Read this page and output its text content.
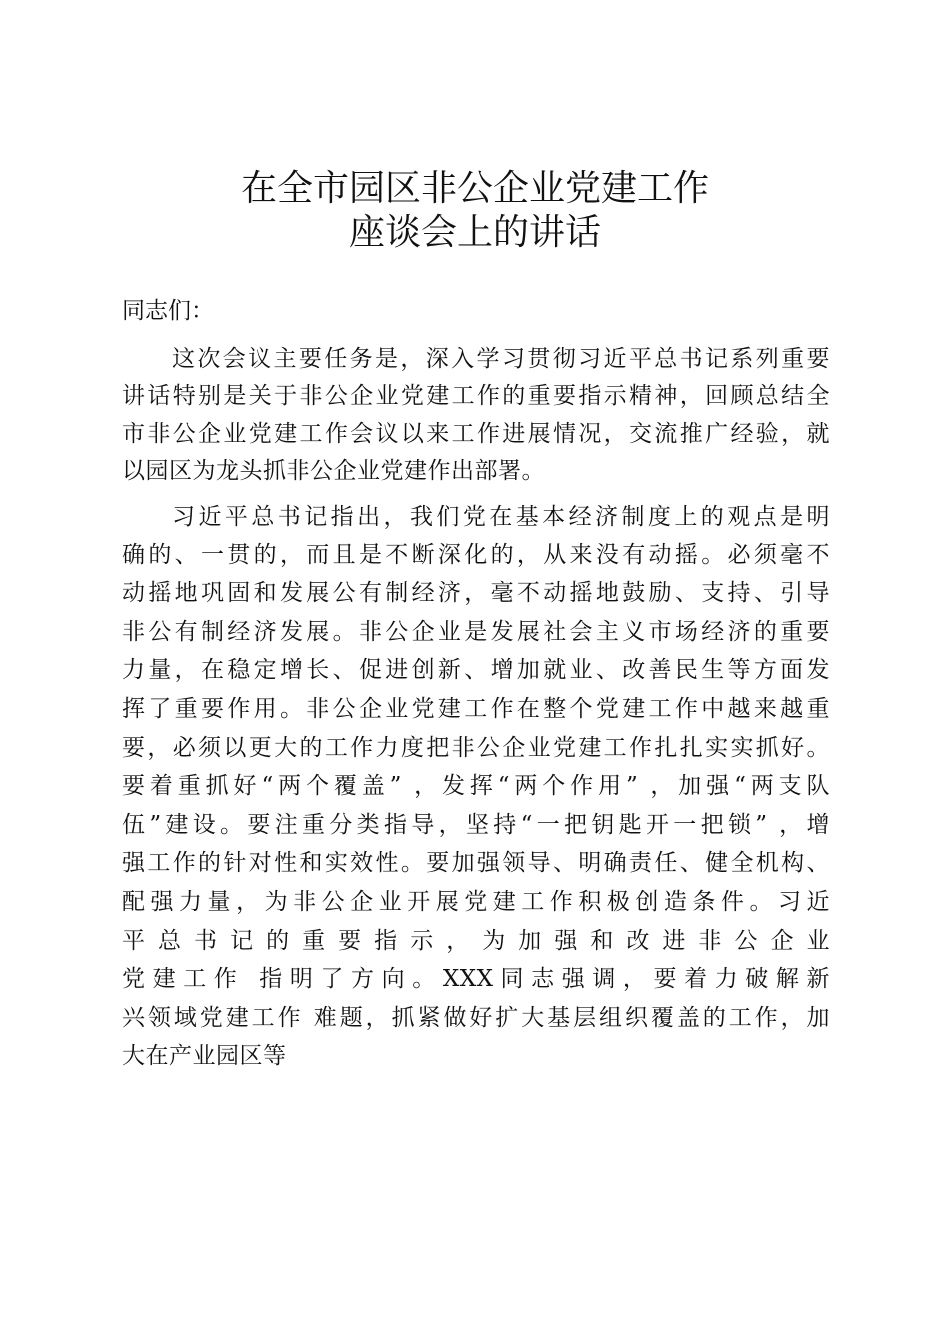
在全市园区非公企业党建工作
座谈会上的讲话

同志们：

这次会议主要任务是，深入学习贯彻习近平总书记系列重要

讲话特别是关于非公企业党建工作的重要指示精神，回顾总结全

市非公企业党建工作会议以来工作进展情况，交流推广经验，就

以园区为龙头抓非公企业党建作出部署。

习近平总书记指出，我们党在基本经济制度上的观点是明

确的、一贯的，而且是不断深化的，从来没有动摇。必须毫不

动摇地巩固和发展公有制经济，毫不动摇地鼓励、支持、引导

非公有制经济发展。非公企业是发展社会主义市场经济的重要

力量，在稳定增长、促进创新、增加就业、改善民生等方面发

挥了重要作用。非公企业党建工作在整个党建工作中越来越重

要，必须以更大的工作力度把非公企业党建工作扎扎实实抓好。

要着重抓好“两个覆盖” ，发挥“两个作用” ，加强“两支队

伍”建设。要注重分类指导，坚持“一把钥匙开一把锁” ，增

强工作的针对性和实效性。要加强领导、明确责任、健全机构、

配强力量，为非公企业开展党建工作积极创造条件。习近

平总书记的重要指示，为加强和改进非公企业

党建工作 指明了方向。XXX同志强调，要着力破解新

兴领域党建工作 难题，抓紧做好扩大基层组织覆盖的工作，加

大在产业园区等
